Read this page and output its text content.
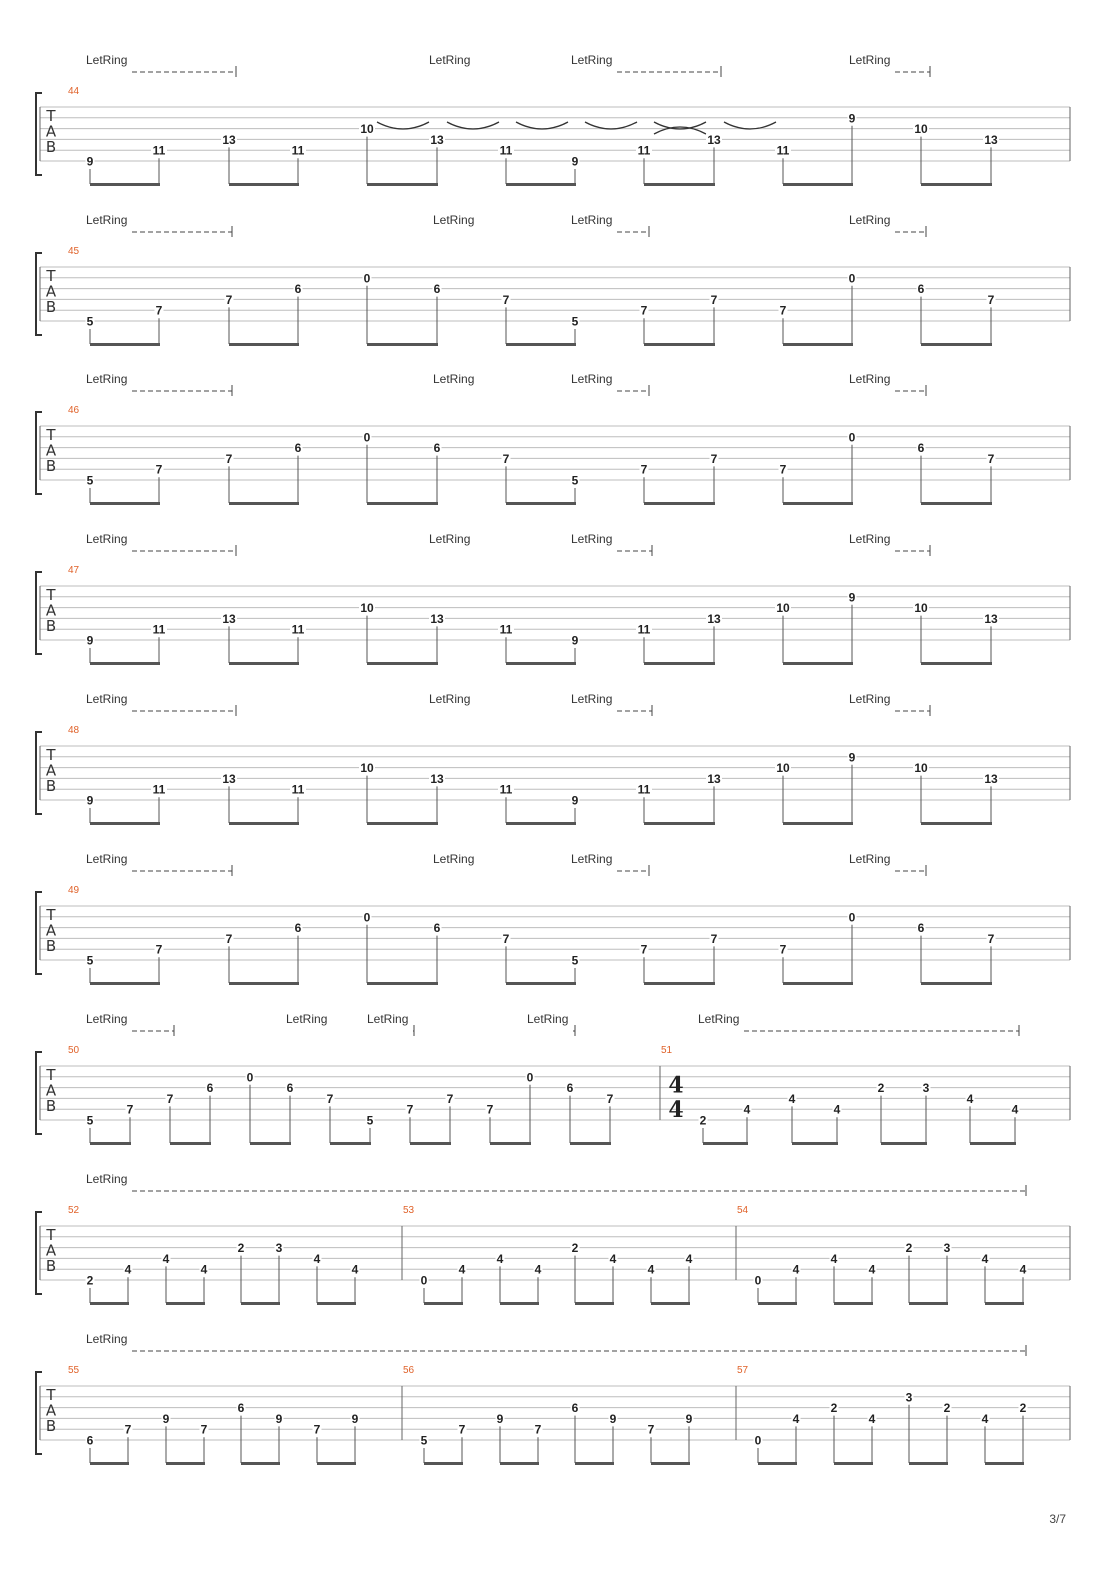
T
A
B
44
LetRing	LetRing	LetRing	LetRing
9
11
13
11
10
13
11
9
11
13
11
9
10
13
T
A
B
45
LetRing	LetRing	LetRing	LetRing
5
7
7
6
0
6
7
5
7
7
7
0
6
7
T
A
B
46
LetRing	LetRing	LetRing	LetRing
5
7
7
6
0
6
7
5
7
7
7
0
6
7
T
A
B
47
LetRing	LetRing	LetRing	LetRing
9
11
13
11
10
13
11
9
11
13
10
9
10
13
T
A
B
48
LetRing	LetRing	LetRing	LetRing
9
11
13
11
10
13
11
9
11
13
10
9
10
13
T
A
B
49
LetRing	LetRing	LetRing	LetRing
5
7
7
6
0
6
7
5
7
7
7
0
6
7
T
A
B
50	51
4
4
LetRing	LetRing	LetRing	LetRing	LetRing
5
7
7
6
0
6
7
5
7
7
7
0
6
7
2
4
4
4
2	3
4
4
T
A
B
52	53	54
LetRing
2
4
4
4
2	3
4
4
0
4
4
4
2
4
4
4
0
4
4
4
2	3
4
4
T
A
B
55	56	57
LetRing
6
7
9
7
6
9
7
9
5
7
9
7
6
9
7
9
0
4
2
4
3
2
4
2
3/7
